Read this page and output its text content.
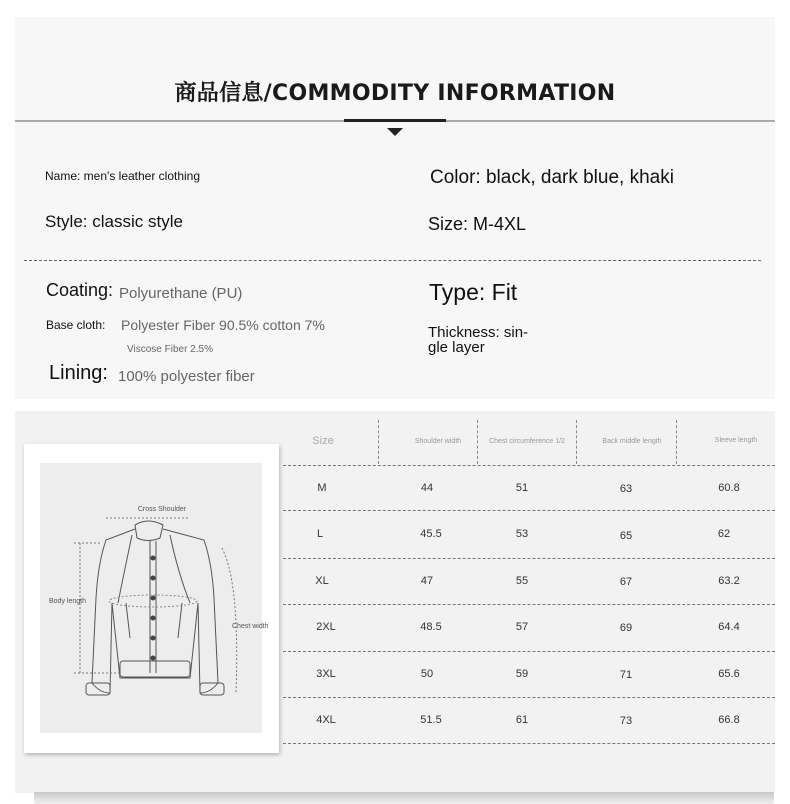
商品信息/COMMODITY INFORMATION
Name: men's leather clothing	Color: black, dark blue, khaki
Style: classic style	Size: M-4XL
Coating: Polyurethane (PU)	Type: Fit
Base cloth: Polyester Fiber 90.5% cotton 7%
Viscose Fiber 2.5%
Thickness: sin-
gle layer
Lining: 100% polyester fiber
Cross Shoulder
Body length
Chest width
Size	Shoulder width	Chest circumference 1/2	Back middle length	Sleeve length
M	44	51	63	60.8
L	45.5	53	65	62
XL	47	55	67	63.2
2XL	48.5	57	69	64.4
3XL	50	59	71	65.6
4XL	51.5	61	73	66.8
